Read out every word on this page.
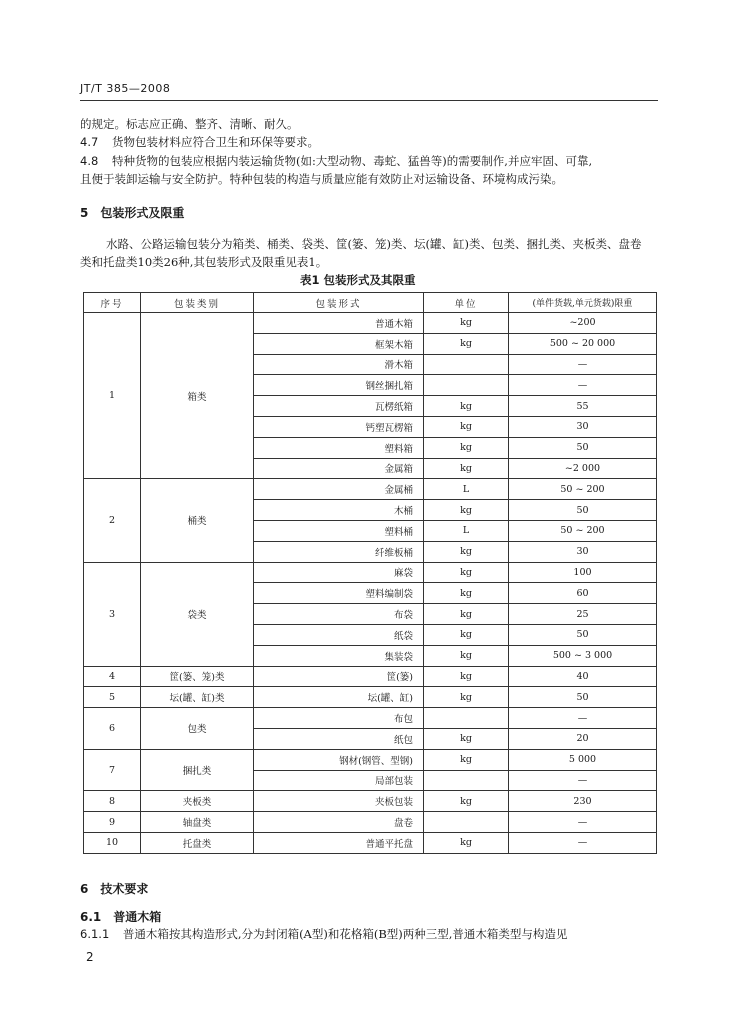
JT/T 385—2008
的规定。标志应正确、整齐、清晰、耐久。
4.7 货物包装材料应符合卫生和环保等要求。
4.8 特种货物的包装应根据内装运输货物(如:大型动物、毒蛇、猛兽等)的需要制作,并应牢固、可靠,
且便于装卸运输与安全防护。特种包装的构造与质量应能有效防止对运输设备、环境构成污染。
5 包装形式及限重
水路、公路运输包装分为箱类、桶类、袋类、筐(篓、笼)类、坛(罐、缸)类、包类、捆扎类、夹板类、盘卷
类和托盘类10类26种,其包装形式及限重见表1。
表1 包装形式及其限重
序号	包装类别	包装形式	单位	(单件货载,单元货载)限重
1	箱类	普通木箱	kg	~200
		框架木箱	kg	500 ~ 20 000
		滑木箱		—
		钢丝捆扎箱		—
		瓦楞纸箱	kg	55
		钙塑瓦楞箱	kg	30
		塑料箱	kg	50
		金属箱	kg	~2 000
2	桶类	金属桶	L	50 ~ 200
		木桶	kg	50
		塑料桶	L	50 ~ 200
		纤维板桶	kg	30
3	袋类	麻袋	kg	100
		塑料编制袋	kg	60
		布袋	kg	25
		纸袋	kg	50
		集装袋	kg	500 ~ 3 000
4	筐(篓、笼)类	筐(篓)	kg	40
5	坛(罐、缸)类	坛(罐、缸)	kg	50
6	包类	布包		—
		纸包	kg	20
7	捆扎类	钢材(钢管、型钢)	kg	5 000
		局部包装		—
8	夹板类	夹板包装	kg	230
9	轴盘类	盘卷		—
10	托盘类	普通平托盘	kg	—
6 技术要求
6.1 普通木箱
6.1.1 普通木箱按其构造形式,分为封闭箱(A型)和花格箱(B型)两种三型,普通木箱类型与构造见
2
